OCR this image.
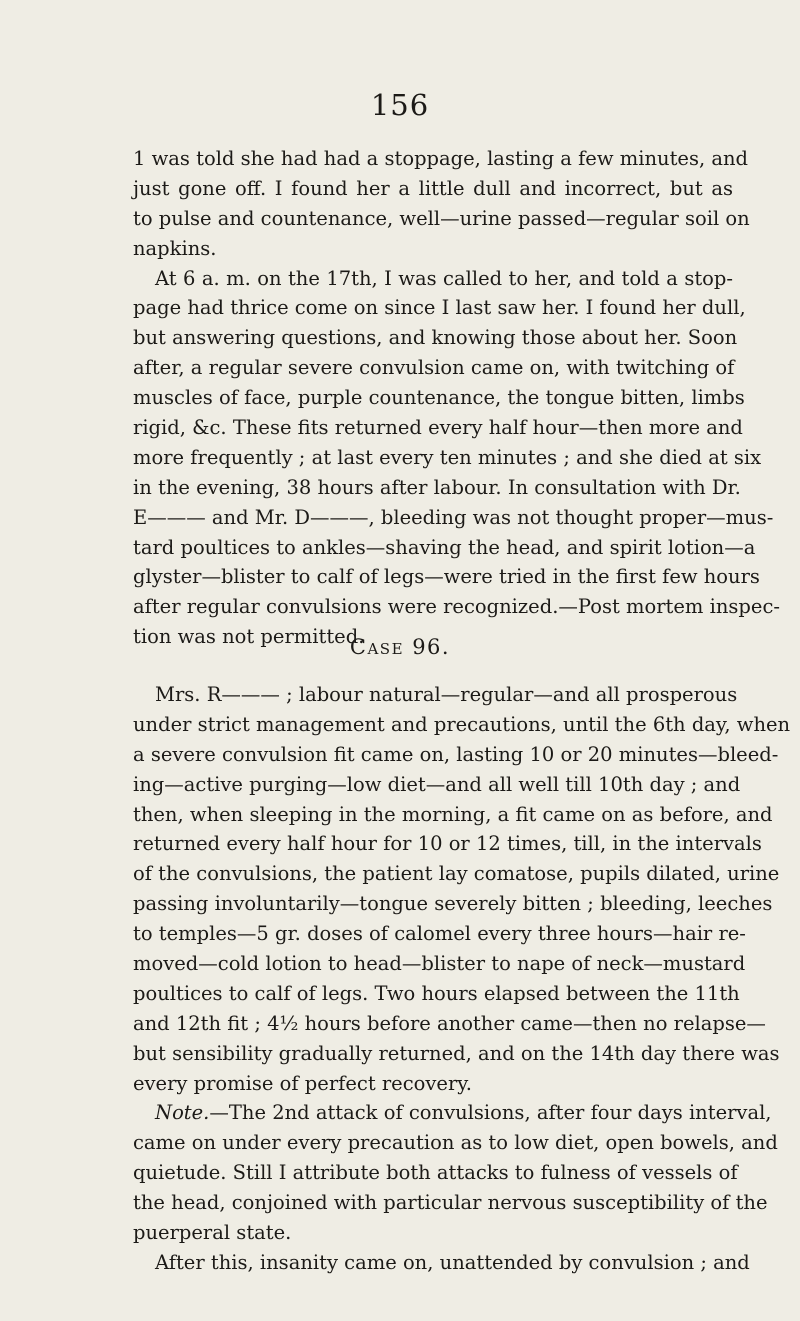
156
1 was told she had had a stoppage, lasting a few minutes, and
just gone off. I found her a little dull and incorrect, but as
to pulse and countenance, well—urine passed—regular soil on
napkins.
At 6 a. m. on the 17th, I was called to her, and told a stop-
page had thrice come on since I last saw her. I found her dull,
but answering questions, and knowing those about her. Soon
after, a regular severe convulsion came on, with twitching of
muscles of face, purple countenance, the tongue bitten, limbs
rigid, &c. These fits returned every half hour—then more and
more frequently ; at last every ten minutes ; and she died at six
in the evening, 38 hours after labour. In consultation with Dr.
E——— and Mr. D———, bleeding was not thought proper—mus-
tard poultices to ankles—shaving the head, and spirit lotion—a
glyster—blister to calf of legs—were tried in the first few hours
after regular convulsions were recognized.—Post mortem inspec-
tion was not permitted.
Case 96.
Mrs. R——— ; labour natural—regular—and all prosperous
under strict management and precautions, until the 6th day, when
a severe convulsion fit came on, lasting 10 or 20 minutes—bleed-
ing—active purging—low diet—and all well till 10th day ; and
then, when sleeping in the morning, a fit came on as before, and
returned every half hour for 10 or 12 times, till, in the intervals
of the convulsions, the patient lay comatose, pupils dilated, urine
passing involuntarily—tongue severely bitten ; bleeding, leeches
to temples—5 gr. doses of calomel every three hours—hair re-
moved—cold lotion to head—blister to nape of neck—mustard
poultices to calf of legs. Two hours elapsed between the 11th
and 12th fit ; 4½ hours before another came—then no relapse—
but sensibility gradually returned, and on the 14th day there was
every promise of perfect recovery.
Note.—The 2nd attack of convulsions, after four days interval,
came on under every precaution as to low diet, open bowels, and
quietude. Still I attribute both attacks to fulness of vessels of
the head, conjoined with particular nervous susceptibility of the
puerperal state.
After this, insanity came on, unattended by convulsion ; and
